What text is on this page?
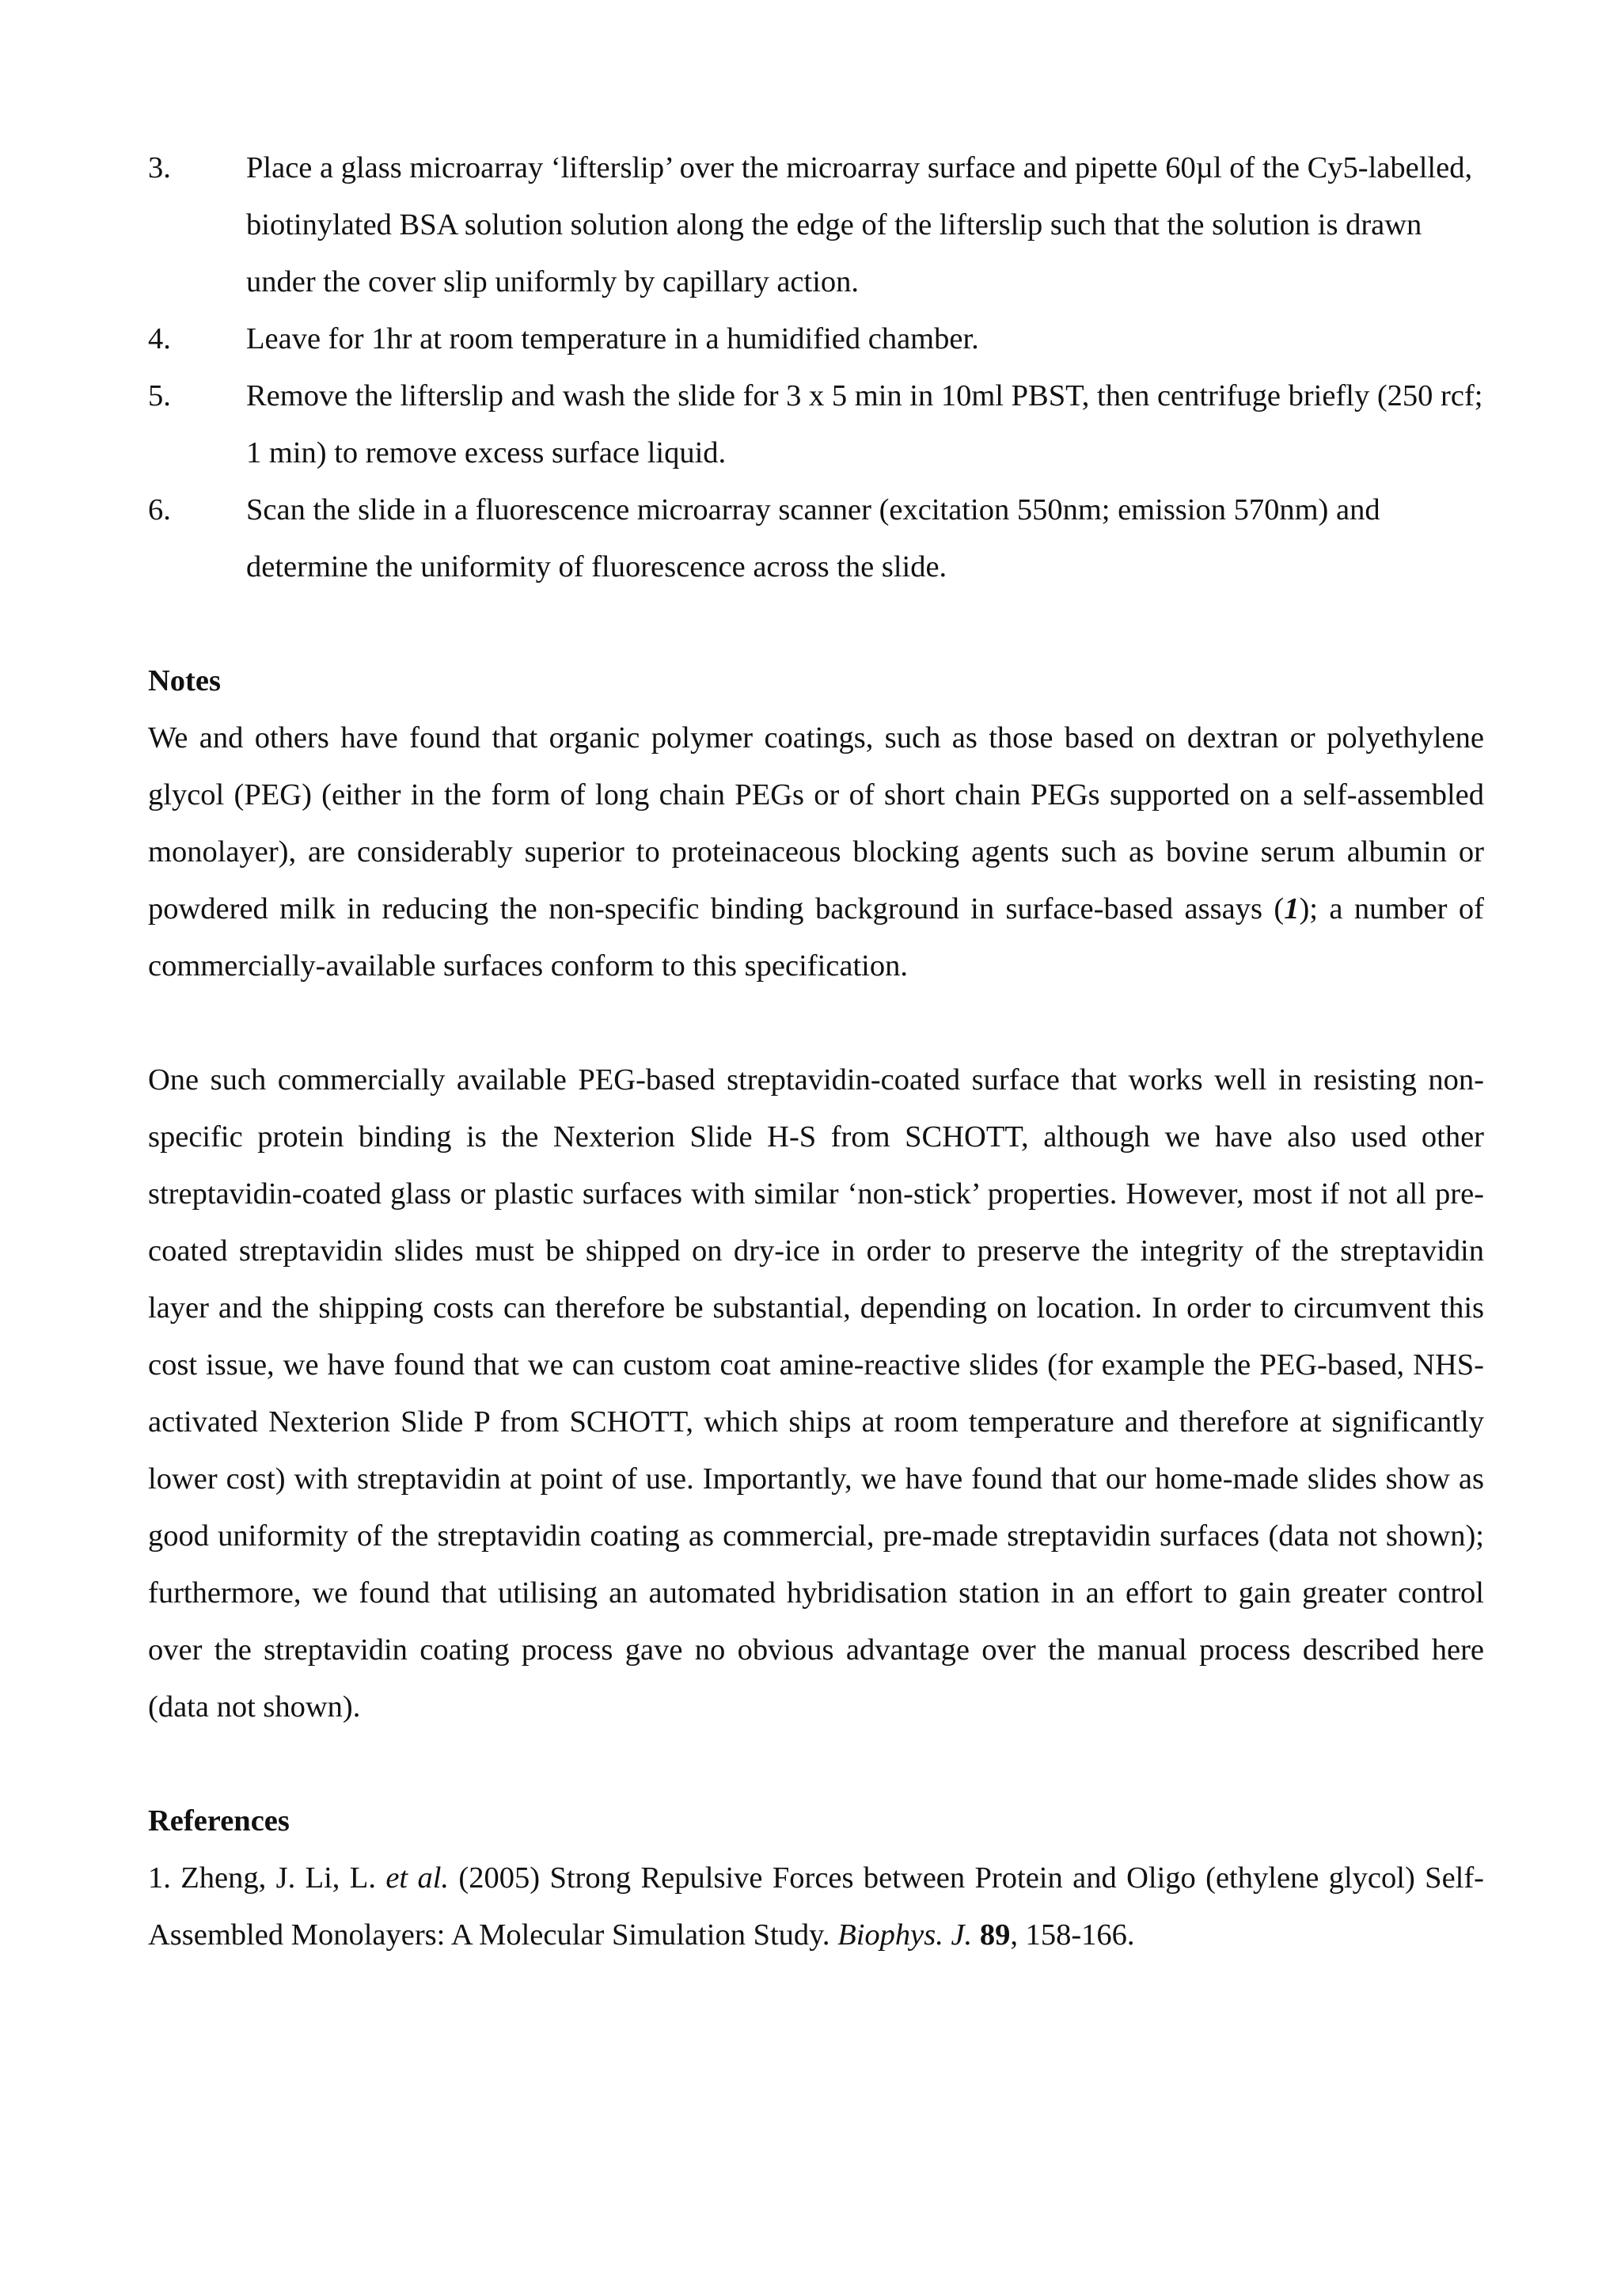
3. Place a glass microarray ‘lifterslip’ over the microarray surface and pipette 60µl of the Cy5-labelled, biotinylated BSA solution solution along the edge of the lifterslip such that the solution is drawn under the cover slip uniformly by capillary action.
4. Leave for 1hr at room temperature in a humidified chamber.
5. Remove the lifterslip and wash the slide for 3 x 5 min in 10ml PBST, then centrifuge briefly (250 rcf; 1 min) to remove excess surface liquid.
6. Scan the slide in a fluorescence microarray scanner (excitation 550nm; emission 570nm) and determine the uniformity of fluorescence across the slide.
Notes

We and others have found that organic polymer coatings, such as those based on dextran or polyethylene glycol (PEG) (either in the form of long chain PEGs or of short chain PEGs supported on a self-assembled monolayer), are considerably superior to proteinaceous blocking agents such as bovine serum albumin or powdered milk in reducing the non-specific binding background in surface-based assays (1); a number of commercially-available surfaces conform to this specification.

One such commercially available PEG-based streptavidin-coated surface that works well in resisting non-specific protein binding is the Nexterion Slide H-S from SCHOTT, although we have also used other streptavidin-coated glass or plastic surfaces with similar ‘non-stick’ properties. However, most if not all pre-coated streptavidin slides must be shipped on dry-ice in order to preserve the integrity of the streptavidin layer and the shipping costs can therefore be substantial, depending on location. In order to circumvent this cost issue, we have found that we can custom coat amine-reactive slides (for example the PEG-based, NHS-activated Nexterion Slide P from SCHOTT, which ships at room temperature and therefore at significantly lower cost) with streptavidin at point of use. Importantly, we have found that our home-made slides show as good uniformity of the streptavidin coating as commercial, pre-made streptavidin surfaces (data not shown); furthermore, we found that utilising an automated hybridisation station in an effort to gain greater control over the streptavidin coating process gave no obvious advantage over the manual process described here (data not shown).

References

1. Zheng, J. Li, L. et al. (2005) Strong Repulsive Forces between Protein and Oligo (ethylene glycol) Self- Assembled Monolayers: A Molecular Simulation Study. Biophys. J. 89, 158-166.
